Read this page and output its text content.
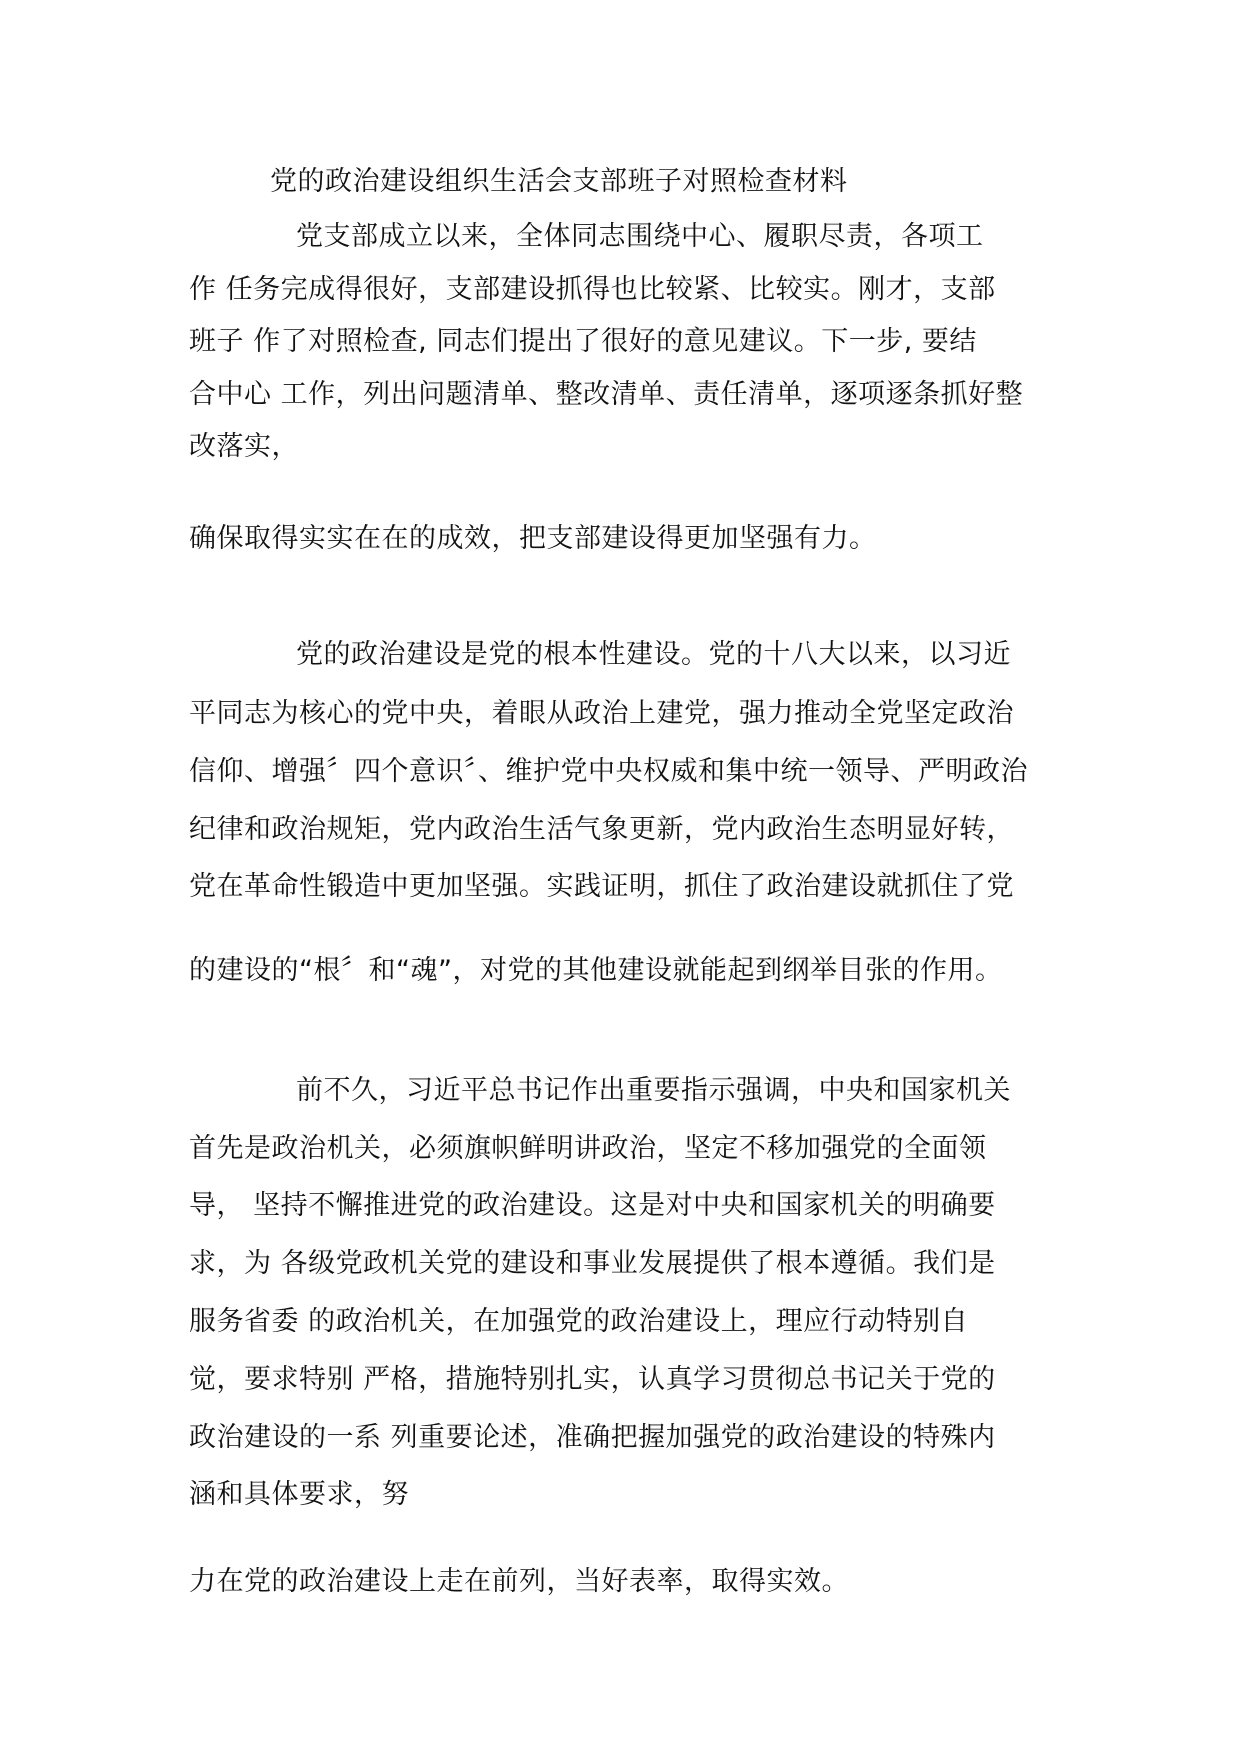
党的政治建设组织生活会支部班子对照检查材料
党支部成立以来，全体同志围绕中心、履职尽责，各项工
作 任务完成得很好，支部建设抓得也比较紧、比较实。刚才，支部
班子 作了对照检查, 同志们提出了很好的意见建议。下一步, 要结
合中心 工作，列出问题清单、整改清单、责任清单，逐项逐条抓好整
改落实，
确保取得实实在在的成效，把支部建设得更加坚强有力。
党的政治建设是党的根本性建设。党的十八大以来，以习近
平同志为核心的党中央，着眼从政治上建党，强力推动全党坚定政治
信仰、增强〞四个意识〞、维护党中央权威和集中统一领导、严明政治
纪律和政治规矩，党内政治生活气象更新，党内政治生态明显好转，
党在革命性锻造中更加坚强。实践证明，抓住了政治建设就抓住了党
的建设的“根〞和“魂”，对党的其他建设就能起到纲举目张的作用。
前不久，习近平总书记作出重要指示强调，中央和国家机关
首先是政治机关，必须旗帜鲜明讲政治，坚定不移加强党的全面领
导， 坚持不懈推进党的政治建设。这是对中央和国家机关的明确要
求，为 各级党政机关党的建设和事业发展提供了根本遵循。我们是
服务省委 的政治机关，在加强党的政治建设上，理应行动特别自
觉，要求特别 严格，措施特别扎实，认真学习贯彻总书记关于党的
政治建设的一系 列重要论述，准确把握加强党的政治建设的特殊内
涵和具体要求，努
力在党的政治建设上走在前列，当好表率，取得实效。
